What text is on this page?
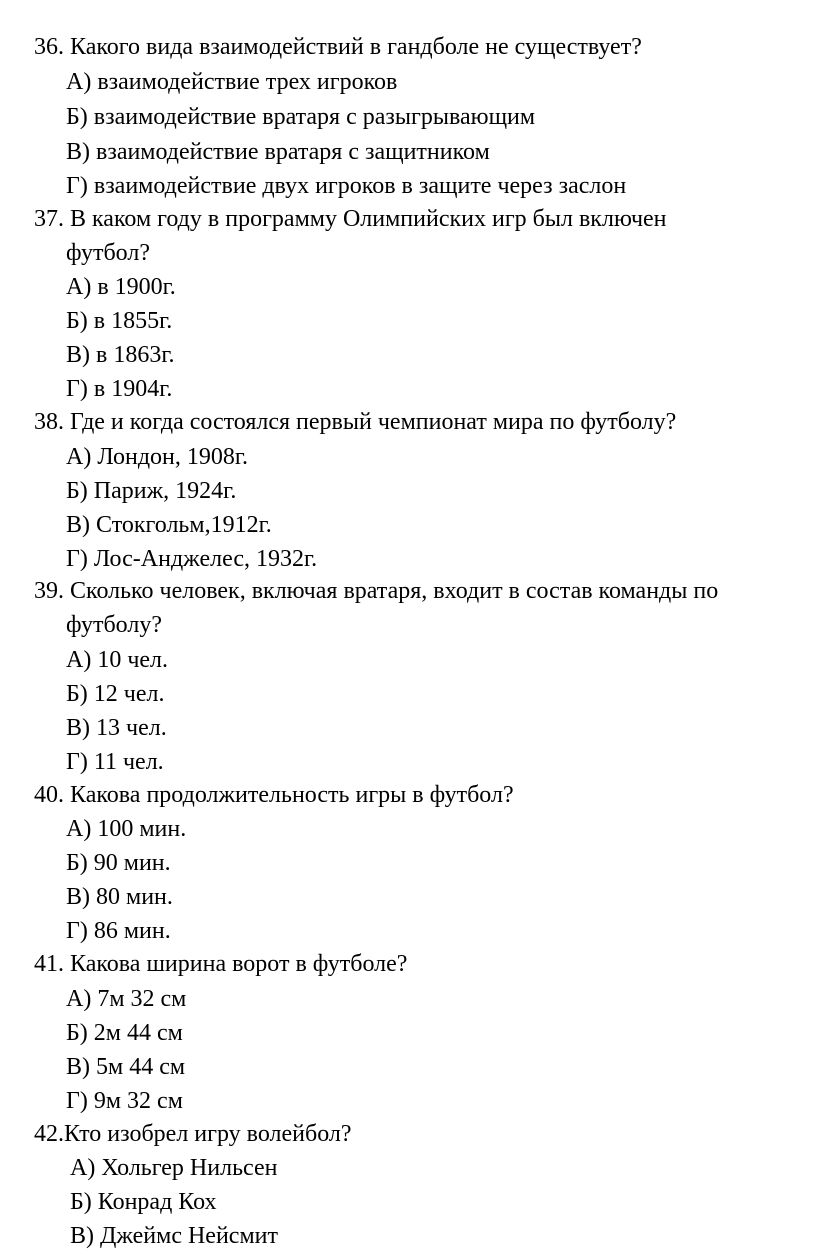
36. Какого вида взаимодействий в гандболе не существует?
А) взаимодействие трех игроков
Б) взаимодействие вратаря с разыгрывающим
В) взаимодействие вратаря с защитником
Г) взаимодействие двух игроков в защите через заслон
37. В каком году в программу Олимпийских игр был включен
футбол?
А) в 1900г.
Б) в 1855г.
В) в 1863г.
Г) в 1904г.
38. Где и когда состоялся первый чемпионат мира по футболу?
А) Лондон, 1908г.
Б) Париж, 1924г.
В) Стокгольм,1912г.
Г) Лос-Анджелес, 1932г.
39. Сколько человек, включая вратаря, входит в состав команды по
футболу?
А) 10 чел.
Б) 12 чел.
В) 13 чел.
Г) 11 чел.
40. Какова продолжительность игры в футбол?
А) 100 мин.
Б) 90 мин.
В) 80 мин.
Г) 86 мин.
41. Какова ширина ворот в футболе?
А) 7м 32 см
Б) 2м 44 см
В) 5м 44 см
Г) 9м 32 см
42.Кто изобрел игру волейбол?
А) Хольгер Нильсен
Б) Конрад Кох
В) Джеймс Нейсмит
